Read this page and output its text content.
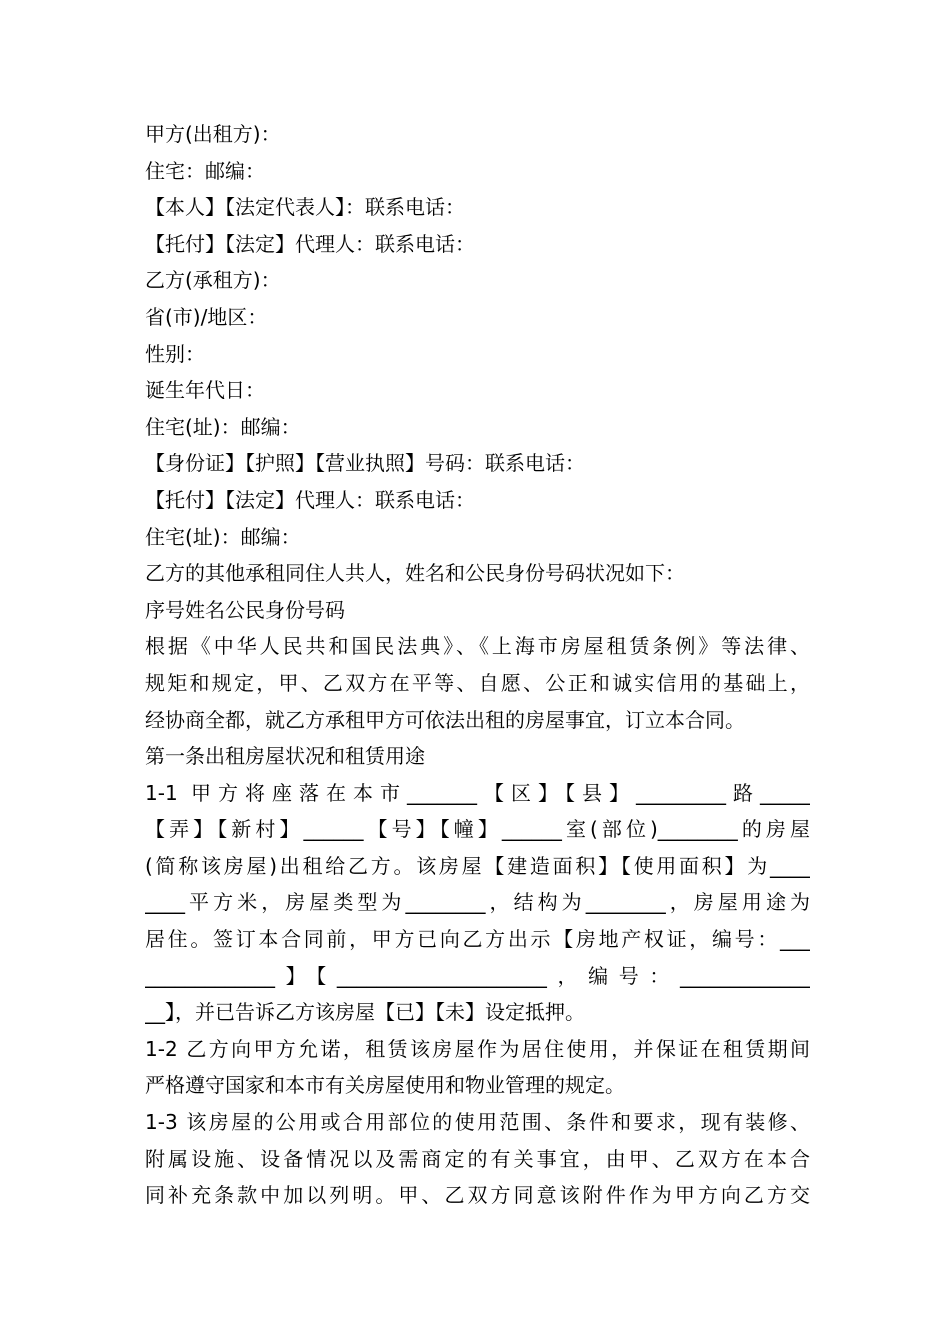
甲方(出租方)：
住宅：邮编：
【本人】【法定代表人】：联系电话：
【托付】【法定】代理人：联系电话：
乙方(承租方)：
省(市)/地区：
性别：
诞生年代日：
住宅(址)：邮编：
【身份证】【护照】【营业执照】号码：联系电话：
【托付】【法定】代理人：联系电话：
住宅(址)：邮编：
乙方的其他承租同住人共人，姓名和公民身份号码状况如下：
序号姓名公民身份号码
根据《中华人民共和国民法典》、《上海市房屋租赁条例》等法律、
规矩和规定，甲、乙双方在平等、自愿、公正和诚实信用的基础上，
经协商全都，就乙方承租甲方可依法出租的房屋事宜，订立本合同。
第一条出租房屋状况和租赁用途
1-1 甲方将座落在本市_______【区】【县】_________路_____
【弄】【新村】______【号】【幢】______室(部位)________的房屋
(简称该房屋)出租给乙方。该房屋【建造面积】【使用面积】为____
____平方米，房屋类型为________，结构为________，房屋用途为
居住。签订本合同前，甲方已向乙方出示【房地产权证，编号：___
_____________】【_____________________，编号：_____________
__】，并已告诉乙方该房屋【已】【未】设定抵押。
1-2 乙方向甲方允诺，租赁该房屋作为居住使用，并保证在租赁期间
严格遵守国家和本市有关房屋使用和物业管理的规定。
1-3 该房屋的公用或合用部位的使用范围、条件和要求，现有装修、
附属设施、设备情况以及需商定的有关事宜，由甲、乙双方在本合
同补充条款中加以列明。甲、乙双方同意该附件作为甲方向乙方交
